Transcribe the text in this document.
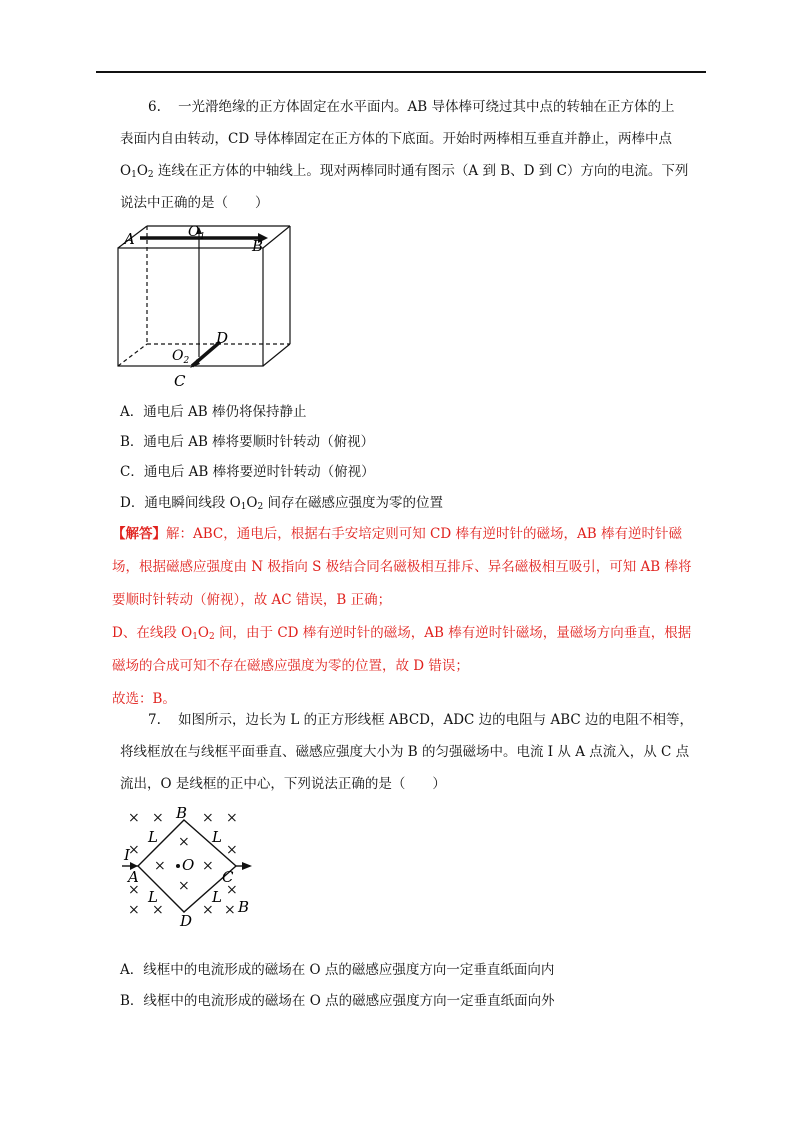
6. 一光滑绝缘的正方体固定在水平面内。AB 导体棒可绕过其中点的转轴在正方体的上
表面内自由转动，CD 导体棒固定在正方体的下底面。开始时两棒相互垂直并静止，两棒中点
$O_1O_2$ 连线在正方体的中轴线上。现对两棒同时通有图示（A 到 B、D 到 C）方向的电流。下列
说法中正确的是（　　）
A	B
$O_1$
D
$O_2$
C
A．通电后 AB 棒仍将保持静止
B．通电后 AB 棒将要顺时针转动（俯视）
C．通电后 AB 棒将要逆时针转动（俯视）
D．通电瞬间线段 $O_1O_2$ 间存在磁感应强度为零的位置
【解答】解：ABC，通电后，根据右手安培定则可知 CD 棒有逆时针的磁场，AB 棒有逆时针磁
场，根据磁感应强度由 N 极指向 S 极结合同名磁极相互排斥、异名磁极相互吸引，可知 AB 棒将
要顺时针转动（俯视），故 AC 错误，B 正确；
D、在线段 $O_1O_2$ 间，由于 CD 棒有逆时针的磁场，AB 棒有逆时针磁场，量磁场方向垂直，根据
磁场的合成可知不存在磁感应强度为零的位置，故 D 错误；
故选：B。
7. 如图所示，边长为 L 的正方形线框 ABCD，ADC 边的电阻与 ABC 边的电阻不相等，
将线框放在与线框平面垂直、磁感应强度大小为 B 的匀强磁场中。电流 I 从 A 点流入，从 C 点
流出，O 是线框的正中心，下列说法正确的是（　　）
× ×	× ×
×	×	×
×	×
×	×	×
× ×	× ×
B
A	C
D
O
I
L	L
L	L
B
A．线框中的电流形成的磁场在 O 点的磁感应强度方向一定垂直纸面向内
B．线框中的电流形成的磁场在 O 点的磁感应强度方向一定垂直纸面向外
